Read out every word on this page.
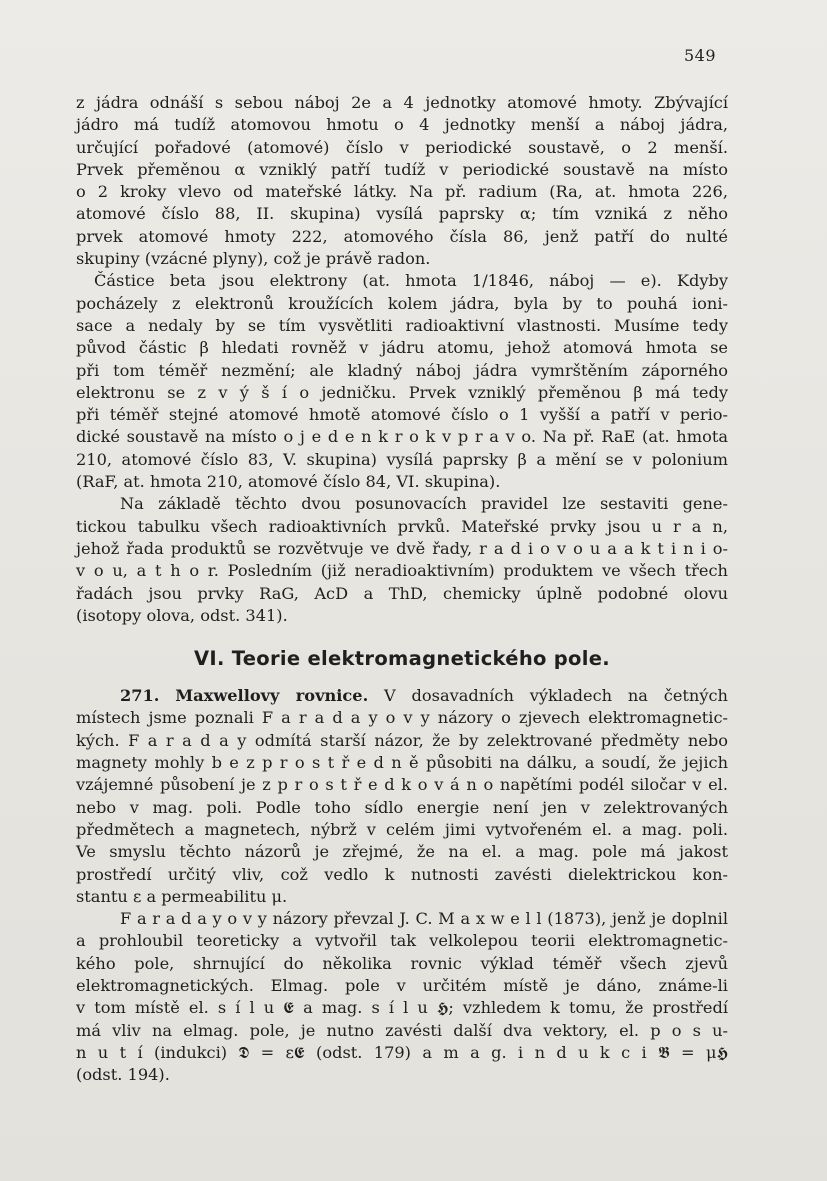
549
z jádra odnáší s sebou náboj 2e a 4 jednotky atomové hmoty. Zbývající
jádro má tudíž atomovou hmotu o 4 jednotky menší a náboj jádra,
určující pořadové (atomové) číslo v periodické soustavě, o 2 menší.
Prvek přeměnou α vzniklý patří tudíž v periodické soustavě na místo
o 2 kroky vlevo od mateřské látky. Na př. radium (Ra, at. hmota 226,
atomové číslo 88, II. skupina) vysílá paprsky α; tím vzniká z něho
prvek atomové hmoty 222, atomového čísla 86, jenž patří do nulté
skupiny (vzácné plyny), což je právě radon.
Částice beta jsou elektrony (at. hmota 1/1846, náboj — e). Kdyby
pocházely z elektronů kroužících kolem jádra, byla by to pouhá ioni-
sace a nedaly by se tím vysvětliti radioaktivní vlastnosti. Musíme tedy
původ částic β hledati rovněž v jádru atomu, jehož atomová hmota se
při tom téměř nezmění; ale kladný náboj jádra vymrštěním záporného
elektronu se z v ý š í o jedničku. Prvek vzniklý přeměnou β má tedy
při téměř stejné atomové hmotě atomové číslo o 1 vyšší a patří v perio-
dické soustavě na místo o j e d e n k r o k v p r a v o. Na př. RaE (at. hmota
210, atomové číslo 83, V. skupina) vysílá paprsky β a mění se v polonium
(RaF, at. hmota 210, atomové číslo 84, VI. skupina).
Na základě těchto dvou posunovacích pravidel lze sestaviti gene-
tickou tabulku všech radioaktivních prvků. Mateřské prvky jsou u r a n,
jehož řada produktů se rozvětvuje ve dvě řady, r a d i o v o u a a k t i n i o-
v o u, a t h o r. Posledním (již neradioaktivním) produktem ve všech třech
řadách jsou prvky RaG, AcD a ThD, chemicky úplně podobné olovu
(isotopy olova, odst. 341).
VI. Teorie elektromagnetického pole.
271. Maxwellovy rovnice. V dosavadních výkladech na četných
místech jsme poznali F a r a d a y o v y názory o zjevech elektromagnetic-
kých. F a r a d a y odmítá starší názor, že by zelektrované předměty nebo
magnety mohly b e z p r o s t ř e d n ě působiti na dálku, a soudí, že jejich
vzájemné působení je z p r o s t ř e d k o v á n o napětími podél siločar v el.
nebo v mag. poli. Podle toho sídlo energie není jen v zelektrovaných
předmětech a magnetech, nýbrž v celém jimi vytvořeném el. a mag. poli.
Ve smyslu těchto názorů je zřejmé, že na el. a mag. pole má jakost
prostředí určitý vliv, což vedlo k nutnosti zavésti dielektrickou kon-
stantu ε a permeabilitu μ.
F a r a d a y o v y názory převzal J. C. M a x w e l l (1873), jenž je doplnil
a prohloubil teoreticky a vytvořil tak velkolepou teorii elektromagnetic-
kého pole, shrnující do několika rovnic výklad téměř všech zjevů
elektromagnetických. Elmag. pole v určitém místě je dáno, známe-li
v tom místě el. s í l u 𝕰 a mag. s í l u 𝕳; vzhledem k tomu, že prostředí
má vliv na elmag. pole, je nutno zavésti další dva vektory, el. p o s u-
n u t í (indukci) 𝕯 = ε𝕰 (odst. 179) a m a g. i n d u k c i 𝕭 = μ𝕳
(odst. 194).
